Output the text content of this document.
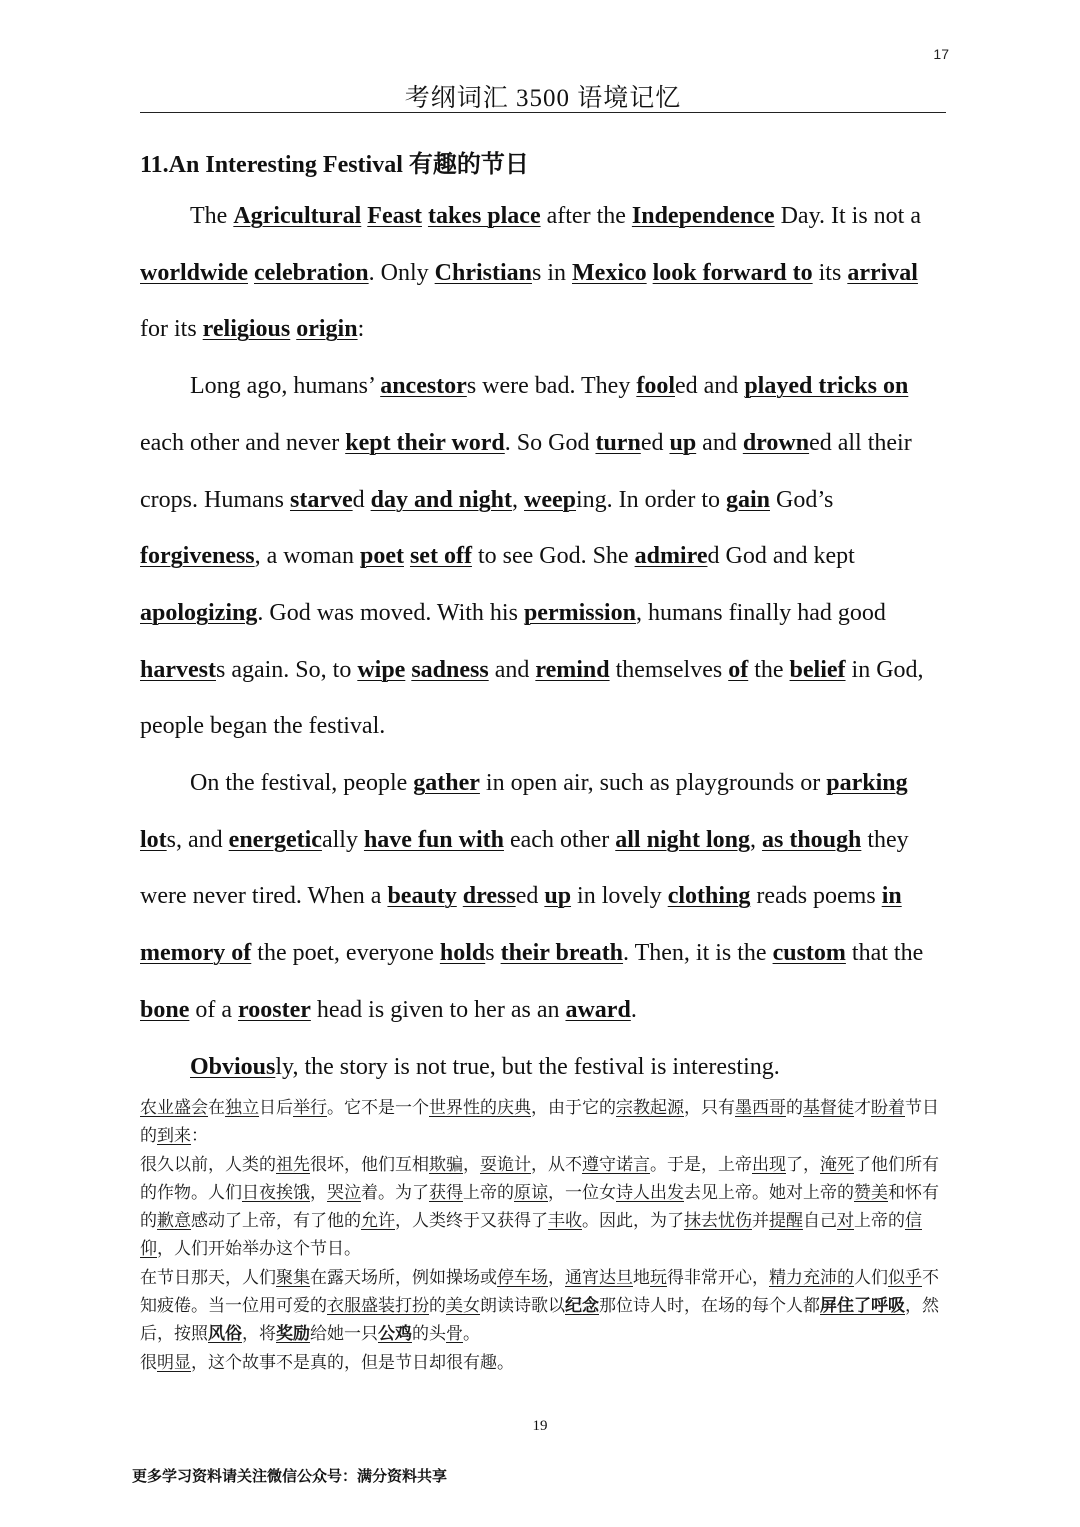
17
考纲词汇 3500 语境记忆
11.An Interesting Festival 有趣的节日

The Agricultural Feast takes place after the Independence Day. It is not a worldwide celebration. Only Christians in Mexico look forward to its arrival for its religious origin:

Long ago, humans’ ancestors were bad. They fooled and played tricks on each other and never kept their word. So God turned up and drowned all their crops. Humans starved day and night, weeping. In order to gain God’s forgiveness, a woman poet set off to see God. She admired God and kept apologizing. God was moved. With his permission, humans finally had good harvests again. So, to wipe sadness and remind themselves of the belief in God, people began the festival.

On the festival, people gather in open air, such as playgrounds or parking lots, and energetically have fun with each other all night long, as though they were never tired. When a beauty dressed up in lovely clothing reads poems in memory of the poet, everyone holds their breath. Then, it is the custom that the bone of a rooster head is given to her as an award.

Obviously, the story is not true, but the festival is interesting.

农业盛会在独立日后举行。它不是一个世界性的庆典，由于它的宗教起源，只有墨西哥的基督徒才盼着节日的到来：

很久以前，人类的祖先很坏，他们互相欺骗，耍诡计，从不遵守诺言。于是，上帝出现了，淹死了他们所有的作物。人们日夜挨饿，哭泣着。为了获得上帝的原谅，一位女诗人出发去见上帝。她对上帝的赞美和怀有的歉意感动了上帝，有了他的允许，人类终于又获得了丰收。因此，为了抹去忧伤并提醒自己对上帝的信仰，人们开始举办这个节日。

在节日那天，人们聚集在露天场所，例如操场或停车场，通宵达旦地玩得非常开心，精力充沛的人们似乎不知疲倦。当一位用可爱的衣服盛装打扮的美女朗读诗歌以纪念那位诗人时，在场的每个人都屏住了呼吸，然后，按照风俗，将奖励给她一只公鸡的头骨。

很明显，这个故事不是真的，但是节日却很有趣。

19
更多学习资料请关注微信公众号：满分资料共享
